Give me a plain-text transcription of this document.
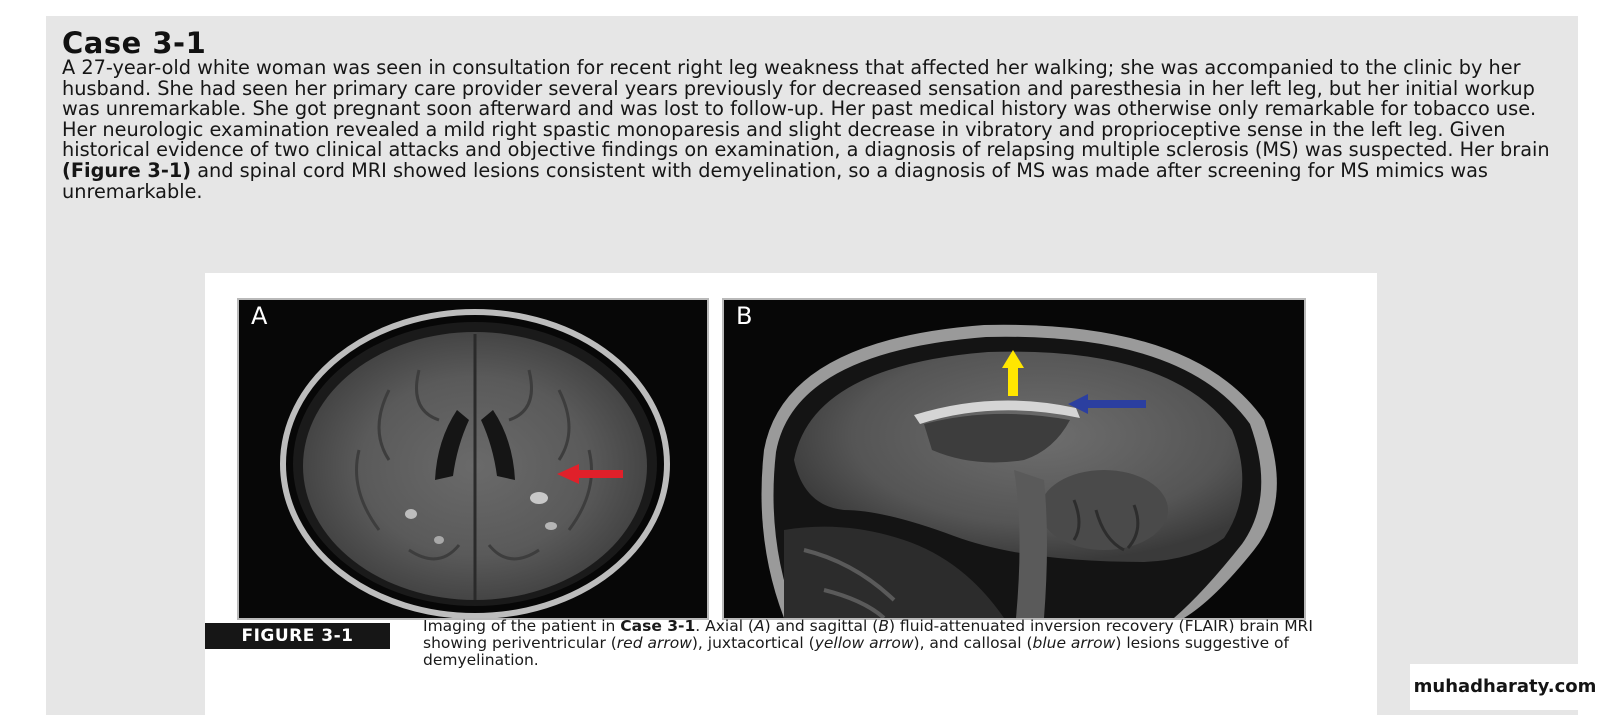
Case 3-1

A 27-year-old white woman was seen in consultation for recent right leg weakness that affected her walking; she was accompanied to the clinic by her husband. She had seen her primary care provider several years previously for decreased sensation and paresthesia in her left leg, but her initial workup was unremarkable. She got pregnant soon afterward and was lost to follow-up. Her past medical history was otherwise only remarkable for tobacco use. Her neurologic examination revealed a mild right spastic monoparesis and slight decrease in vibratory and proprioceptive sense in the left leg. Given historical evidence of two clinical attacks and objective findings on examination, a diagnosis of relapsing multiple sclerosis (MS) was suspected. Her brain (Figure 3-1) and spinal cord MRI showed lesions consistent with demyelination, so a diagnosis of MS was made after screening for MS mimics was unremarkable.

A	B
FIGURE 3-1	Imaging of the patient in Case 3-1. Axial (A) and sagittal (B) fluid-attenuated inversion recovery (FLAIR) brain MRI showing periventricular (red arrow), juxtacortical (yellow arrow), and callosal (blue arrow) lesions suggestive of demyelination.

muhadharaty.com
